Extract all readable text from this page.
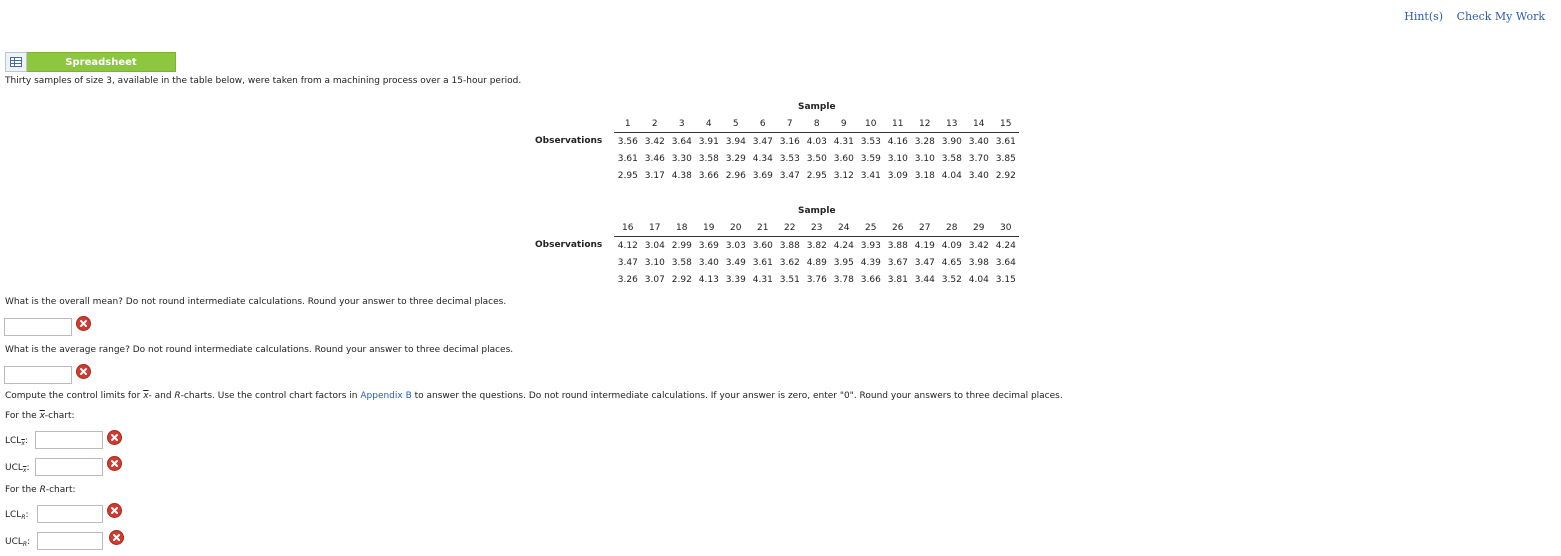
Hint(s) Check My Work
Spreadsheet
Thirty samples of size 3, available in the table below, were taken from a machining process over a 15-hour period.
	Sample														
	1	2	3	4	5	6	7	8	9	10	11	12	13	14	15
Observations	3.56	3.42	3.64	3.91	3.94	3.47	3.16	4.03	4.31	3.53	4.16	3.28	3.90	3.40	3.61
	3.61	3.46	3.30	3.58	3.29	4.34	3.53	3.50	3.60	3.59	3.10	3.10	3.58	3.70	3.85
	2.95	3.17	4.38	3.66	2.96	3.69	3.47	2.95	3.12	3.41	3.09	3.18	4.04	3.40	2.92
	Sample														
	16	17	18	19	20	21	22	23	24	25	26	27	28	29	30
Observations	4.12	3.04	2.99	3.69	3.03	3.60	3.88	3.82	4.24	3.93	3.88	4.19	4.09	3.42	4.24
	3.47	3.10	3.58	3.40	3.49	3.61	3.62	4.89	3.95	4.39	3.67	3.47	4.65	3.98	3.64
	3.26	3.07	2.92	4.13	3.39	4.31	3.51	3.76	3.78	3.66	3.81	3.44	3.52	4.04	3.15
What is the overall mean? Do not round intermediate calculations. Round your answer to three decimal places.
What is the average range? Do not round intermediate calculations. Round your answer to three decimal places.
Compute the control limits for $\overline{x}-$ and R-charts. Use the control chart factors in Appendix B to answer the questions. Do not round intermediate calculations. If your answer is zero, enter "0". Round your answers to three decimal places.
For the $\overline{x}$-chart:
$LCL_{\overline{x}}$:
$UCL_{\overline{x}}$:
For the R-chart:
$LCL_R$:
$UCL_R$:
